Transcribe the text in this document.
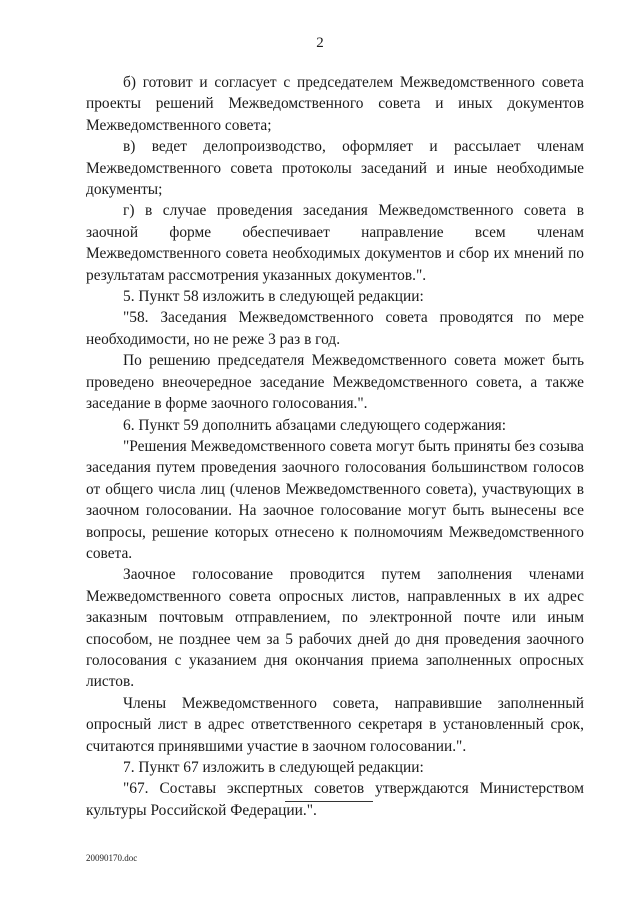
2

б) готовит и согласует с председателем Межведомственного совета проекты решений Межведомственного совета и иных документов Межведомственного совета;

в) ведет делопроизводство, оформляет и рассылает членам Межведомственного совета протоколы заседаний и иные необходимые документы;

г) в случае проведения заседания Межведомственного совета в заочной форме обеспечивает направление всем членам Межведомственного совета необходимых документов и сбор их мнений по результатам рассмотрения указанных документов.".

5. Пункт 58 изложить в следующей редакции:

"58. Заседания Межведомственного совета проводятся по мере необходимости, но не реже 3 раз в год.

По решению председателя Межведомственного совета может быть проведено внеочередное заседание Межведомственного совета, а также заседание в форме заочного голосования.".

6. Пункт 59 дополнить абзацами следующего содержания:

"Решения Межведомственного совета могут быть приняты без созыва заседания путем проведения заочного голосования большинством голосов от общего числа лиц (членов Межведомственного совета), участвующих в заочном голосовании. На заочное голосование могут быть вынесены все вопросы, решение которых отнесено к полномочиям Межведомственного совета.

Заочное голосование проводится путем заполнения членами Межведомственного совета опросных листов, направленных в их адрес заказным почтовым отправлением, по электронной почте или иным способом, не позднее чем за 5 рабочих дней до дня проведения заочного голосования с указанием дня окончания приема заполненных опросных листов.

Члены Межведомственного совета, направившие заполненный опросный лист в адрес ответственного секретаря в установленный срок, считаются принявшими участие в заочном голосовании.".

7. Пункт 67 изложить в следующей редакции:

"67. Составы экспертных советов утверждаются Министерством культуры Российской Федерации.".

20090170.doc
